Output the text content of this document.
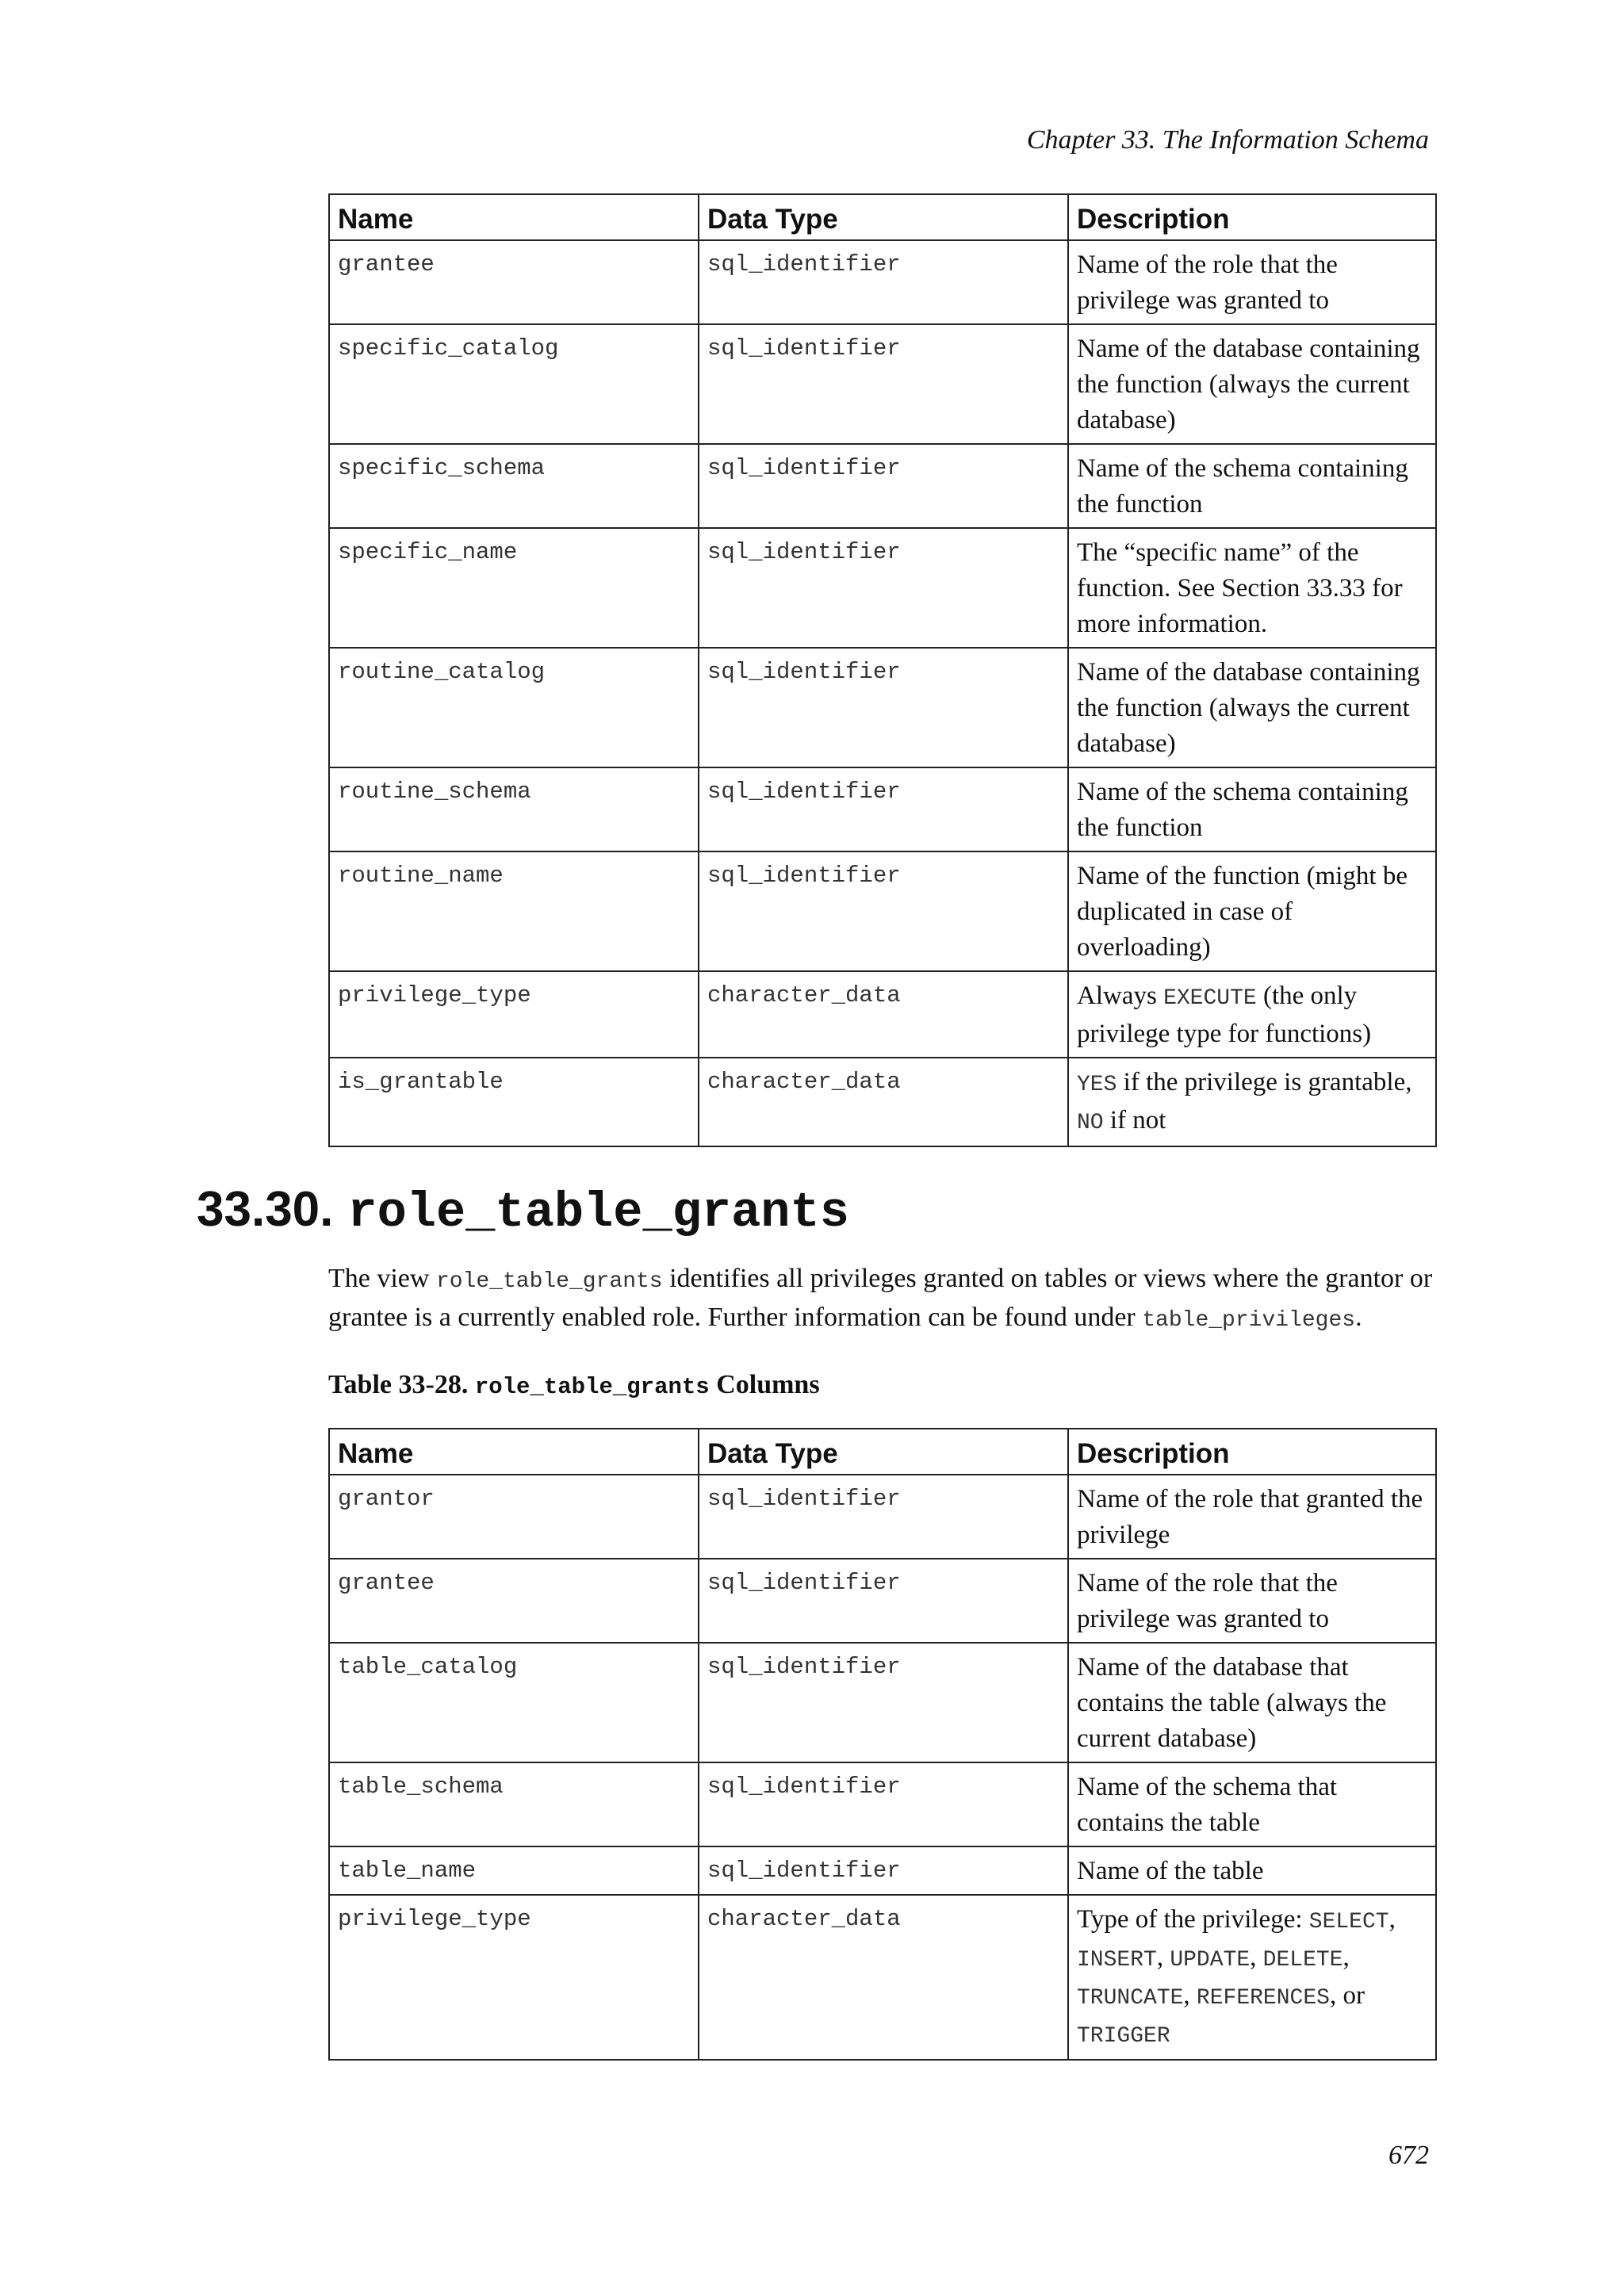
Chapter 33. The Information Schema
Name	Data Type	Description
grantee	sql_identifier	Name of the role that the privilege was granted to
specific_catalog	sql_identifier	Name of the database containing the function (always the current database)
specific_schema	sql_identifier	Name of the schema containing the function
specific_name	sql_identifier	The “specific name” of the function. See Section 33.33 for more information.
routine_catalog	sql_identifier	Name of the database containing the function (always the current database)
routine_schema	sql_identifier	Name of the schema containing the function
routine_name	sql_identifier	Name of the function (might be duplicated in case of overloading)
privilege_type	character_data	Always EXECUTE (the only privilege type for functions)
is_grantable	character_data	YES if the privilege is grantable, NO if not
33.30. role_table_grants
The view role_table_grants identifies all privileges granted on tables or views where the grantor or grantee is a currently enabled role. Further information can be found under table_privileges.
Table 33-28. role_table_grants Columns
Name	Data Type	Description
grantor	sql_identifier	Name of the role that granted the privilege
grantee	sql_identifier	Name of the role that the privilege was granted to
table_catalog	sql_identifier	Name of the database that contains the table (always the current database)
table_schema	sql_identifier	Name of the schema that contains the table
table_name	sql_identifier	Name of the table
privilege_type	character_data	Type of the privilege: SELECT, INSERT, UPDATE, DELETE, TRUNCATE, REFERENCES, or TRIGGER
672
